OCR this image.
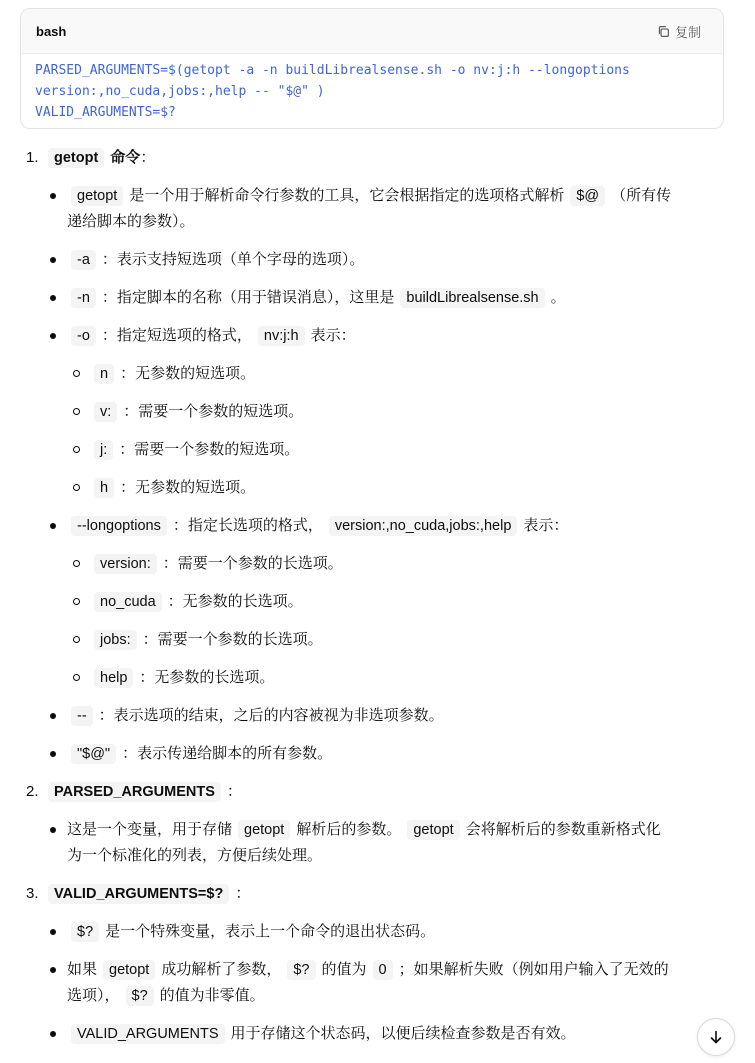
bash	复制
PARSED_ARGUMENTS=$(getopt -a -n buildLibrealsense.sh -o nv:j:h --longoptions
version:,no_cuda,jobs:,help -- "$@" )
VALID_ARGUMENTS=$?
1.	getopt 命令：
getopt 是一个用于解析命令行参数的工具，它会根据指定的选项格式解析 $@ （所有传
递给脚本的参数）。
-a ：表示支持短选项（单个字母的选项）。
-n ：指定脚本的名称（用于错误消息），这里是 buildLibrealsense.sh 。
-o ：指定短选项的格式， nv:j:h 表示：
n ：无参数的短选项。
v: ：需要一个参数的短选项。
j: ：需要一个参数的短选项。
h ：无参数的短选项。
--longoptions ：指定长选项的格式， version:,no_cuda,jobs:,help 表示：
version: ：需要一个参数的长选项。
no_cuda ：无参数的长选项。
jobs: ：需要一个参数的长选项。
help ：无参数的长选项。
-- ：表示选项的结束，之后的内容被视为非选项参数。
"$@" ：表示传递给脚本的所有参数。
2.	PARSED_ARGUMENTS ：
这是一个变量，用于存储 getopt 解析后的参数。 getopt 会将解析后的参数重新格式化
为一个标准化的列表，方便后续处理。
3.	VALID_ARGUMENTS=$? ：
$? 是一个特殊变量，表示上一个命令的退出状态码。
如果 getopt 成功解析了参数， $? 的值为 0 ；如果解析失败（例如用户输入了无效的
选项）， $? 的值为非零值。
VALID_ARGUMENTS 用于存储这个状态码，以便后续检查参数是否有效。
